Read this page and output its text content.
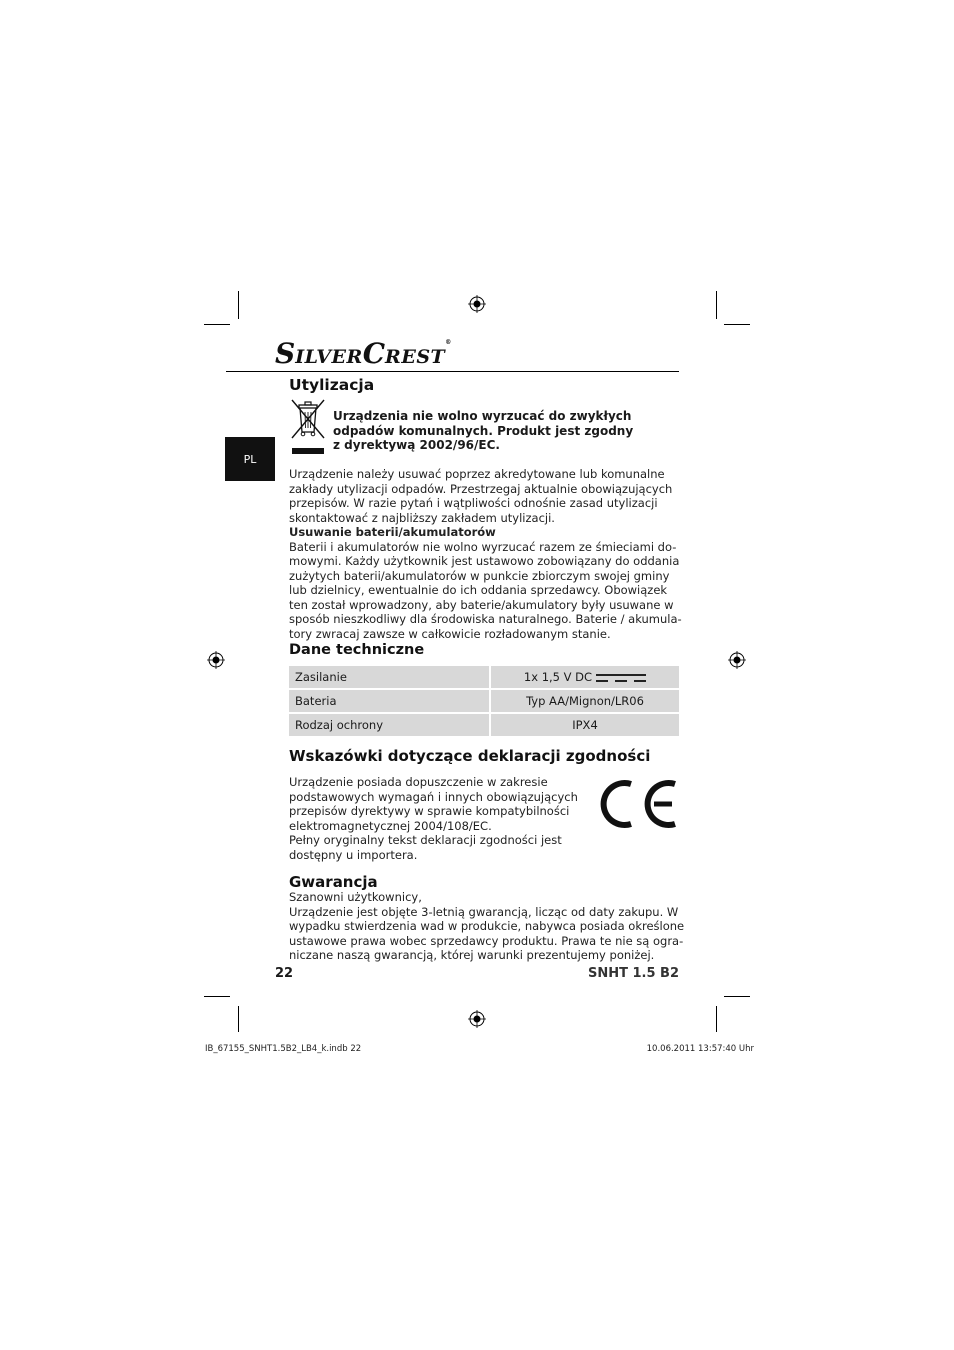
SILVERCREST®
PL
Utylizacja
Urządzenia nie wolno wyrzucać do zwykłych
odpadów komunalnych. Produkt jest zgodny
z dyrektywą 2002/96/EC.
Urządzenie należy usuwać poprzez akredytowane lub komunalne
zakłady utylizacji odpadów. Przestrzegaj aktualnie obowiązujących
przepisów. W razie pytań i wątpliwości odnośnie zasad utylizacji
skontaktować z najbliższy zakładem utylizacji.
Usuwanie baterii/akumulatorów
Baterii i akumulatorów nie wolno wyrzucać razem ze śmieciami do-
mowymi. Każdy użytkownik jest ustawowo zobowiązany do oddania
zużytych baterii/akumulatorów w punkcie zbiorczym swojej gminy
lub dzielnicy, ewentualnie do ich oddania sprzedawcy. Obowiązek
ten został wprowadzony, aby baterie/akumulatory były usuwane w
sposób nieszkodliwy dla środowiska naturalnego. Baterie / akumula-
tory zwracaj zawsze w całkowicie rozładowanym stanie.
Dane techniczne
Zasilanie	1x 1,5 V DC

Bateria	Typ AA/Mignon/LR06
Rodzaj ochrony	IPX4
Wskazówki dotyczące deklaracji zgodności
Urządzenie posiada dopuszczenie w zakresie
podstawowych wymagań i innych obowiązujących
przepisów dyrektywy w sprawie kompatybilności
elektromagnetycznej 2004/108/EC.
Pełny oryginalny tekst deklaracji zgodności jest
dostępny u importera.
Gwarancja
Szanowni użytkownicy,
Urządzenie jest objęte 3-letnią gwarancją, licząc od daty zakupu. W
wypadku stwierdzenia wad w produkcie, nabywca posiada określone
ustawowe prawa wobec sprzedawcy produktu. Prawa te nie są ogra-
niczane naszą gwarancją, której warunki prezentujemy poniżej.
22	SNHT 1.5 B2
IB_67155_SNHT1.5B2_LB4_k.indb 22	10.06.2011 13:57:40 Uhr
